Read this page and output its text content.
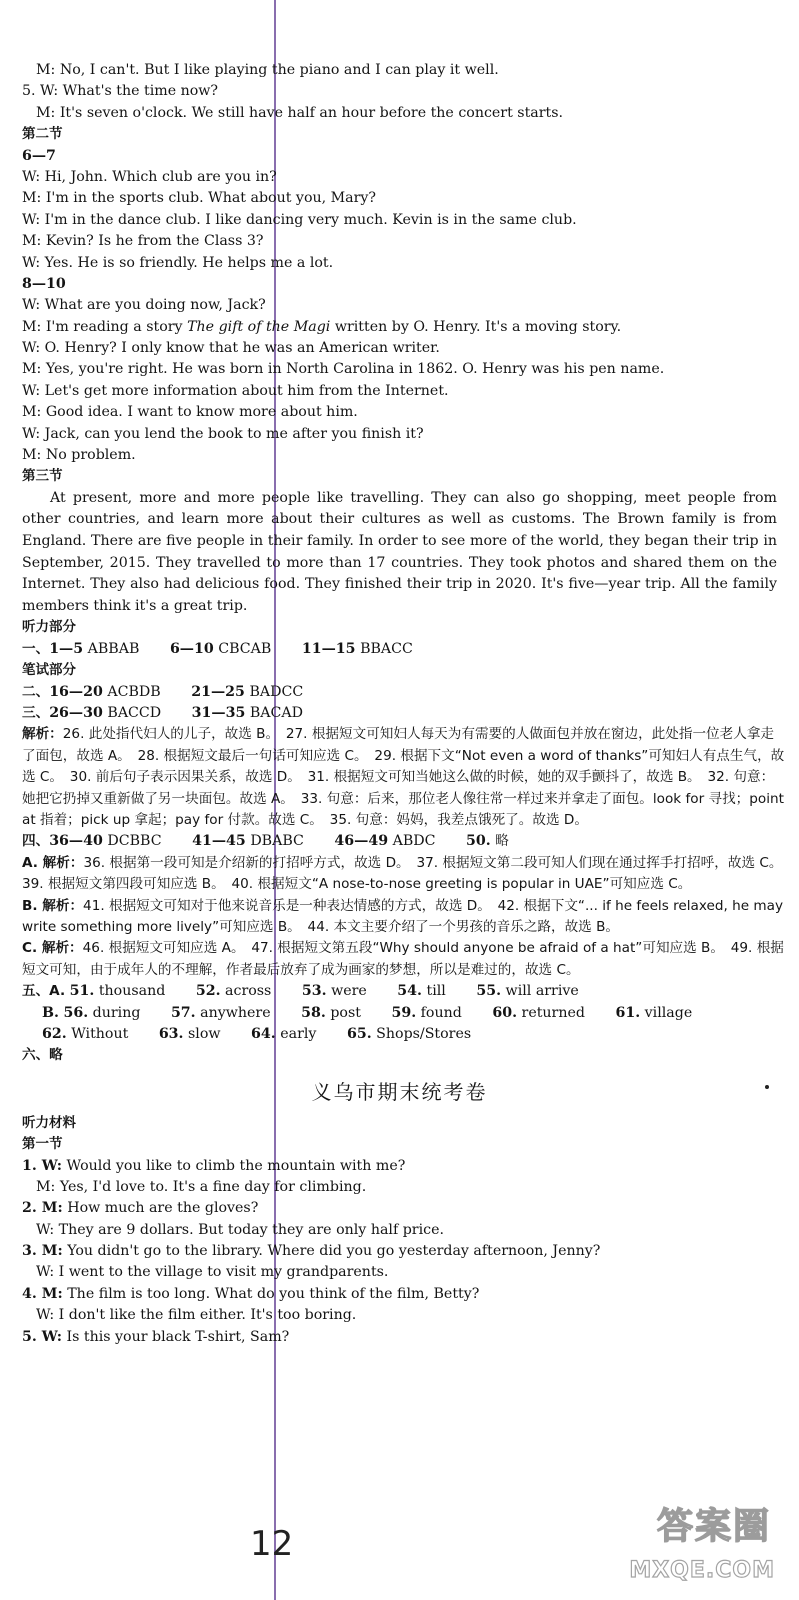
M: No, I can't. But I like playing the piano and I can play it well.
5. W: What's the time now?
M: It's seven o'clock. We still have half an hour before the concert starts.
第二节
6—7
W: Hi, John. Which club are you in?
M: I'm in the sports club. What about you, Mary?
W: I'm in the dance club. I like dancing very much. Kevin is in the same club.
M: Kevin? Is he from the Class 3?
W: Yes. He is so friendly. He helps me a lot.
8—10
W: What are you doing now, Jack?
M: I'm reading a story The gift of the Magi written by O. Henry. It's a moving story.
W: O. Henry? I only know that he was an American writer.
M: Yes, you're right. He was born in North Carolina in 1862. O. Henry was his pen name.
W: Let's get more information about him from the Internet.
M: Good idea. I want to know more about him.
W: Jack, can you lend the book to me after you finish it?
M: No problem.
第三节

At present, more and more people like travelling. They can also go shopping, meet people from other countries, and learn more about their cultures as well as customs. The Brown family is from England. There are five people in their family. In order to see more of the world, they began their trip in September, 2015. They travelled to more than 17 countries. They took photos and shared them on the Internet. They also had delicious food. They finished their trip in 2020. It's five—year trip. All the family members think it's a great trip.

听力部分
一、1—5 ABBAB 6—10 CBCAB 11—15 BBACC
笔试部分
二、16—20 ACBDB 21—25 BADCC
三、26—30 BACCD 31—35 BACAD

解析：26. 此处指代妇人的儿子，故选 B。　27. 根据短文可知妇人每天为有需要的人做面包并放在窗边，此处指一位老人拿走了面包，故选 A。　28. 根据短文最后一句话可知应选 C。　29. 根据下文“Not even a word of thanks”可知妇人有点生气，故选 C。　30. 前后句子表示因果关系，故选 D。　31. 根据短文可知当她这么做的时候，她的双手颤抖了，故选 B。　32. 句意：她把它扔掉又重新做了另一块面包。故选 A。　33. 句意：后来，那位老人像往常一样过来并拿走了面包。look for 寻找；point at 指着；pick up 拿起；pay for 付款。故选 C。　35. 句意：妈妈，我差点饿死了。故选 D。

四、36—40 DCBBC 41—45 DBABC 46—49 ABDC 50. 略

A. 解析：36. 根据第一段可知是介绍新的打招呼方式，故选 D。　37. 根据短文第二段可知人们现在通过挥手打招呼，故选 C。　39. 根据短文第四段可知应选 B。　40. 根据短文“A nose-to-nose greeting is popular in UAE”可知应选 C。

B. 解析：41. 根据短文可知对于他来说音乐是一种表达情感的方式，故选 D。　42. 根据下文“... if he feels relaxed, he may write something more lively”可知应选 B。　44. 本文主要介绍了一个男孩的音乐之路，故选 B。

C. 解析：46. 根据短文可知应选 A。　47. 根据短文第五段“Why should anyone be afraid of a hat”可知应选 B。　49. 根据短文可知，由于成年人的不理解，作者最后放弃了成为画家的梦想，所以是难过的，故选 C。

五、A. 51. thousand 52. across 53. were 54. till 55. will arrive
B. 56. during 57. anywhere 58. post 59. found 60. returned 61. village
62. Without 63. slow 64. early 65. Shops/Stores
六、略
义乌市期末统考卷
听力材料
第一节
1. W: Would you like to climb the mountain with me?
M: Yes, I'd love to. It's a fine day for climbing.
2. M: How much are the gloves?
W: They are 9 dollars. But today they are only half price.
3. M: You didn't go to the library. Where did you go yesterday afternoon, Jenny?
W: I went to the village to visit my grandparents.
4. M: The film is too long. What do you think of the film, Betty?
W: I don't like the film either. It's too boring.
5. W: Is this your black T-shirt, Sam?
12	答案圈
MXQE.COM
